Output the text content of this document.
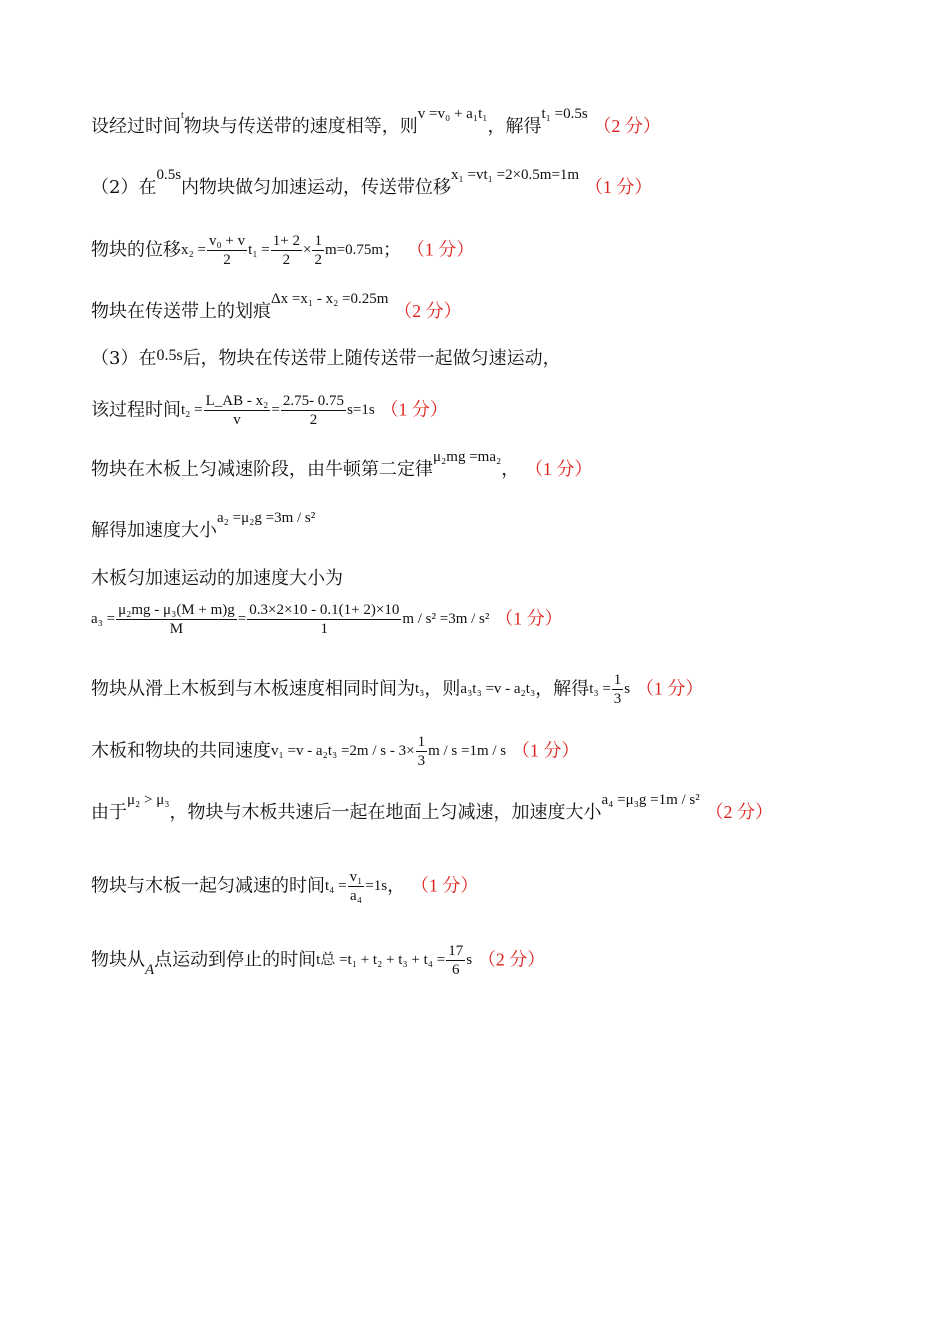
设经过时间$^t$物块与传送带的速度相等，则$^{v =v_0 + a_1t_1}$，解得$^{t_1 =0.5s}$ （2 分）
（2）在$^{0.5s}$内物块做匀加速运动，传送带位移$^{x_1 =vt_1 =2\times 0.5m=1m}$ （1 分）
物块的位移$x_2 = \frac{\text{v₀ + v}}{2} t_1 = \frac{1+ 2}{2} \times \frac{1}{2} m=0.75m$； （1 分）
物块在传送带上的划痕$^{\Delta x =x_1 - x_2 =0.25m}$ （2 分）
（3）在0.5s后，物块在传送带上随传送带一起做匀速运动，
该过程时间$t_2 = \frac{\text{L\_AB - x₂}}{v} = \frac{2.75- 0.75}{2} s=1s$ （1 分）
物块在木板上匀减速阶段，由牛顿第二定律$^{\mu_2mg =ma_2}$， （1 分）
解得加速度大小$^{a_2 =\mu_2g =3m / s^2}$
木板匀加速运动的加速度大小为
$a_3 = \frac{\text{μ₂mg - μ₃(M + m)g}}{M} = \frac{0.3\times 2\times 10 - 0.1(1+ 2)\times 10}{1}$ m / s² =3m / s² （1 分）
物块从滑上木板到与木板速度相同时间为t₃，则a₃t₃ =v - a₂t₃，解得$t_3 = \frac{1}{3}$ s （1 分）
木板和物块的共同速度$v_1 =v - a_2t_3 =2m / s - 3\times \frac{1}{3}$ m / s =1m / s （1 分）
由于$^{\mu_2 > \mu_3}$，物块与木板共速后一起在地面上匀减速，加速度大小$^{a_4 =\mu_3g =1m / s^2}$ （2 分）
物块与木板一起匀减速的时间$t_4 = \frac{\text{v₁}}{\text{a₄}} =1s$， （1 分）
物块从$_A$点运动到停止的时间t总 $=t_1 + t_2 + t_3 + t_4 = \frac{17}{6}$ s （2 分）
